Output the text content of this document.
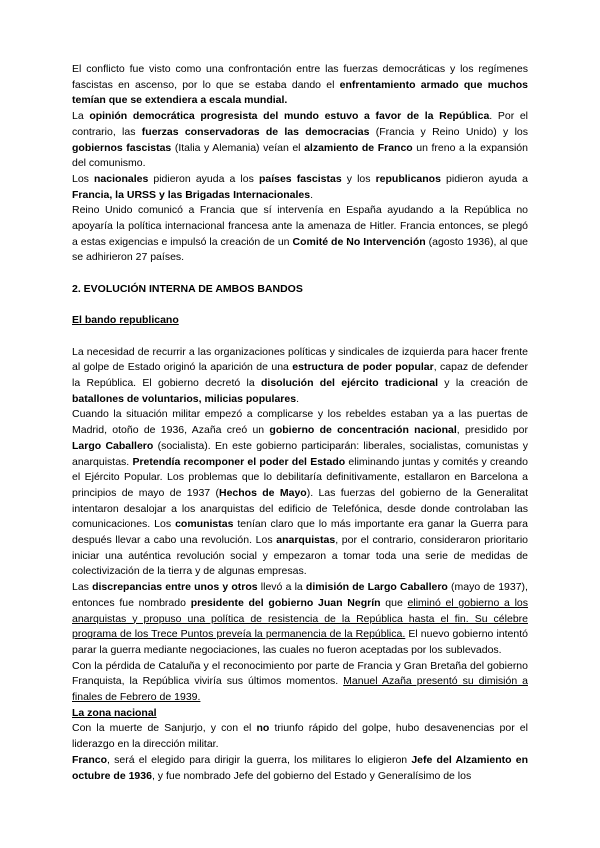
El conflicto fue visto como una confrontación entre las fuerzas democráticas y los regímenes fascistas en ascenso, por lo que se estaba dando el enfrentamiento armado que muchos temían que se extendiera a escala mundial.

La opinión democrática progresista del mundo estuvo a favor de la República. Por el contrario, las fuerzas conservadoras de las democracias (Francia y Reino Unido) y los gobiernos fascistas (Italia y Alemania) veían el alzamiento de Franco un freno a la expansión del comunismo.

Los nacionales pidieron ayuda a los países fascistas y los republicanos pidieron ayuda a Francia, la URSS y las Brigadas Internacionales.

Reino Unido comunicó a Francia que sí intervenía en España ayudando a la República no apoyaría la política internacional francesa ante la amenaza de Hitler. Francia entonces, se plegó a estas exigencias e impulsó la creación de un Comité de No Intervención (agosto 1936), al que se adhirieron 27 países.

2. EVOLUCIÓN INTERNA DE AMBOS BANDOS
El bando republicano

La necesidad de recurrir a las organizaciones políticas y sindicales de izquierda para hacer frente al golpe de Estado originó la aparición de una estructura de poder popular, capaz de defender la República. El gobierno decretó la disolución del ejército tradicional y la creación de batallones de voluntarios, milicias populares.

Cuando la situación militar empezó a complicarse y los rebeldes estaban ya a las puertas de Madrid, otoño de 1936, Azaña creó un gobierno de concentración nacional, presidido por Largo Caballero (socialista). En este gobierno participarán: liberales, socialistas, comunistas y anarquistas. Pretendía recomponer el poder del Estado eliminando juntas y comités y creando el Ejército Popular. Los problemas que lo debilitaría definitivamente, estallaron en Barcelona a principios de mayo de 1937 (Hechos de Mayo). Las fuerzas del gobierno de la Generalitat intentaron desalojar a los anarquistas del edificio de Telefónica, desde donde controlaban las comunicaciones. Los comunistas tenían claro que lo más importante era ganar la Guerra para después llevar a cabo una revolución. Los anarquistas, por el contrario, consideraron prioritario iniciar una auténtica revolución social y empezaron a tomar toda una serie de medidas de colectivización de la tierra y de algunas empresas.

Las discrepancias entre unos y otros llevó a la dimisión de Largo Caballero (mayo de 1937), entonces fue nombrado presidente del gobierno Juan Negrín que eliminó el gobierno a los anarquistas y propuso una política de resistencia de la República hasta el fin. Su célebre programa de los Trece Puntos preveía la permanencia de la República. El nuevo gobierno intentó parar la guerra mediante negociaciones, las cuales no fueron aceptadas por los sublevados.

Con la pérdida de Cataluña y el reconocimiento por parte de Francia y Gran Bretaña del gobierno Franquista, la República viviría sus últimos momentos. Manuel Azaña presentó su dimisión a finales de Febrero de 1939.

La zona nacional

Con la muerte de Sanjurjo, y con el no triunfo rápido del golpe, hubo desavenencias por el liderazgo en la dirección militar.

Franco, será el elegido para dirigir la guerra, los militares lo eligieron Jefe del Alzamiento en octubre de 1936, y fue nombrado Jefe del gobierno del Estado y Generalísimo de los
